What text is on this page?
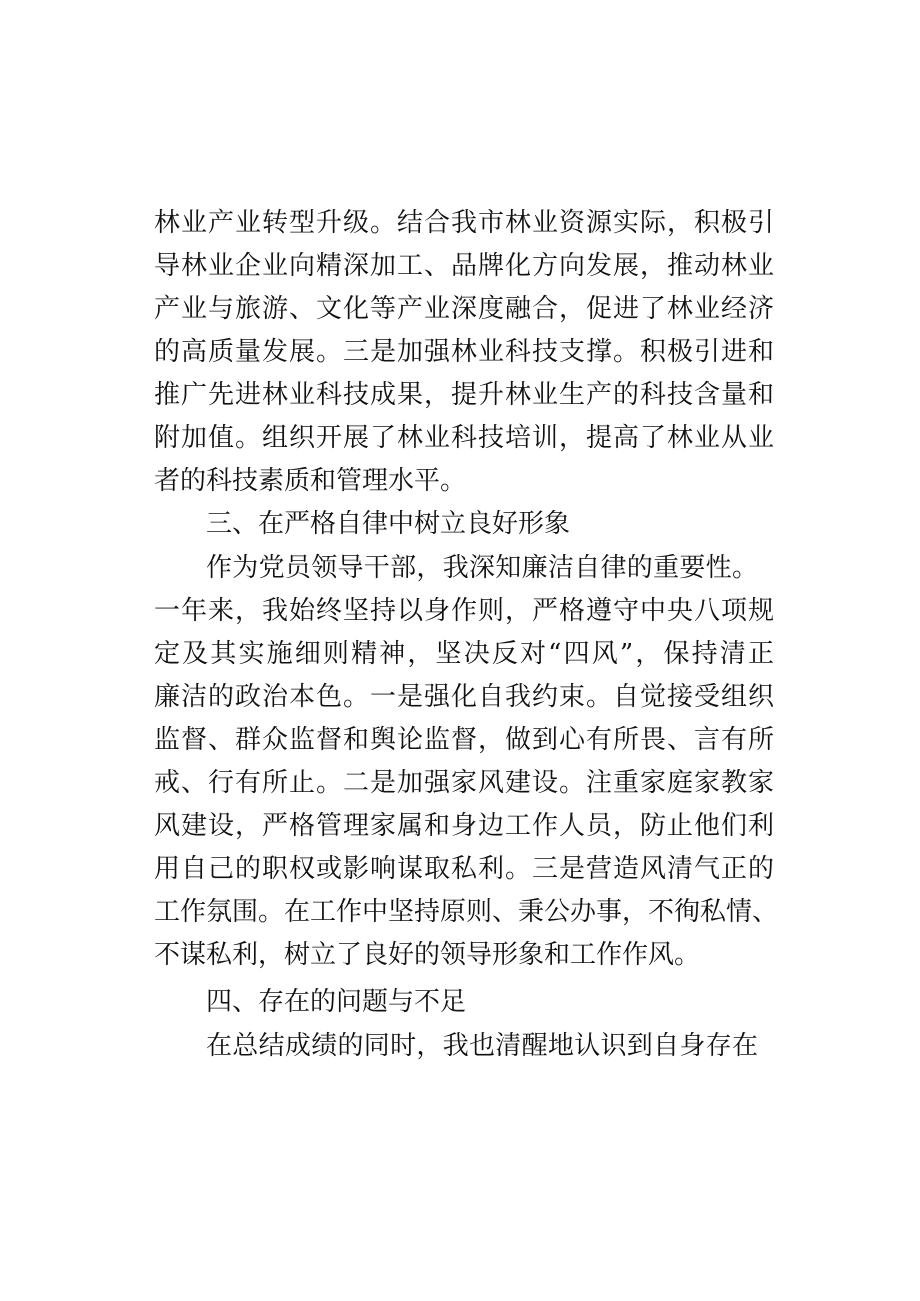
林业产业转型升级。结合我市林业资源实际，积极引
导林业企业向精深加工、品牌化方向发展，推动林业
产业与旅游、文化等产业深度融合，促进了林业经济
的高质量发展。三是加强林业科技支撑。积极引进和
推广先进林业科技成果，提升林业生产的科技含量和
附加值。组织开展了林业科技培训，提高了林业从业
者的科技素质和管理水平。
三、在严格自律中树立良好形象
作为党员领导干部，我深知廉洁自律的重要性。
一年来，我始终坚持以身作则，严格遵守中央八项规
定及其实施细则精神，坚决反对“四风”，保持清正
廉洁的政治本色。一是强化自我约束。自觉接受组织
监督、群众监督和舆论监督，做到心有所畏、言有所
戒、行有所止。二是加强家风建设。注重家庭家教家
风建设，严格管理家属和身边工作人员，防止他们利
用自己的职权或影响谋取私利。三是营造风清气正的
工作氛围。在工作中坚持原则、秉公办事，不徇私情、
不谋私利，树立了良好的领导形象和工作作风。
四、存在的问题与不足
在总结成绩的同时，我也清醒地认识到自身存在
